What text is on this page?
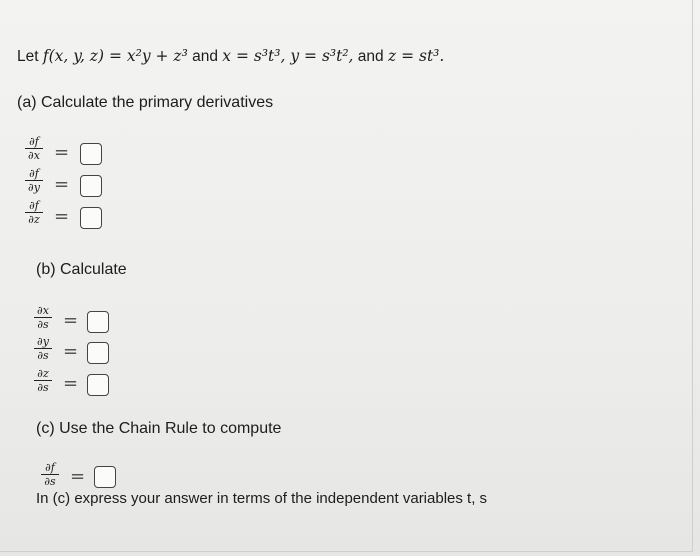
Let f(x, y, z) = x²y + z³ and x = s³t³, y = s³t², and z = st³.
(a) Calculate the primary derivatives
∂f
∂x =
∂f
∂y =
∂f
∂z =
(b) Calculate
∂x
∂s =
∂y
∂s =
∂z
∂s =
(c) Use the Chain Rule to compute
∂f
∂s =
In (c) express your answer in terms of the independent variables t, s
